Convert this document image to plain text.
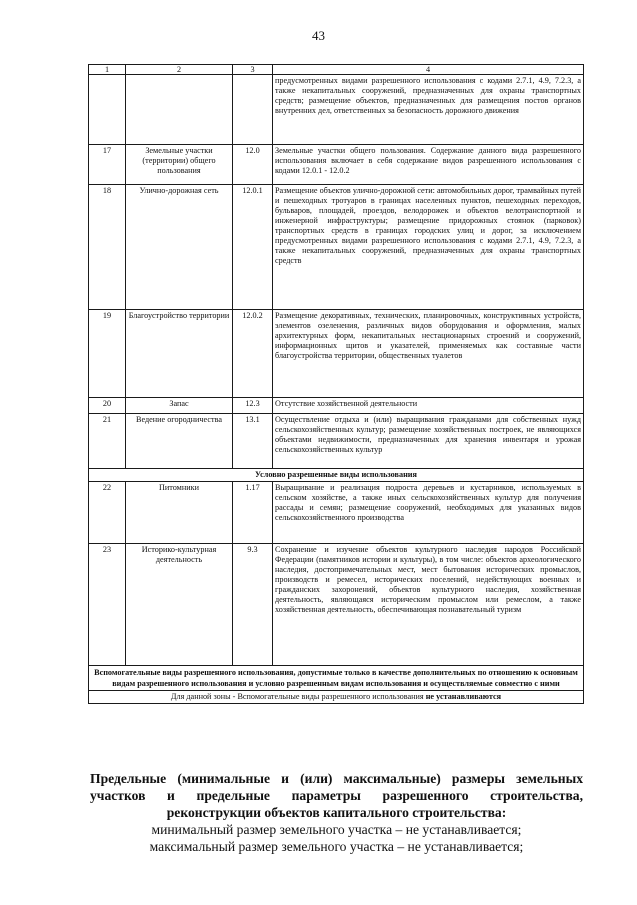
43
1	2	3	4
			предусмотренных видами разрешенного использования с кодами 2.7.1, 4.9, 7.2.3, а также некапитальных сооружений, предназначенных для охраны транспортных средств; размещение объектов, предназначенных для размещения постов органов внутренних дел, ответственных за безопасность дорожного движения
17	Земельные участки (территории) общего пользования	12.0	Земельные участки общего пользования. Содержание данного вида разрешенного использования включает в себя содержание видов разрешенного использования с кодами 12.0.1 - 12.0.2
18	Улично-дорожная сеть	12.0.1	Размещение объектов улично-дорожной сети: автомобильных дорог, трамвайных путей и пешеходных тротуаров в границах населенных пунктов, пешеходных переходов, бульваров, площадей, проездов, велодорожек и объектов велотранспортной и инженерной инфраструктуры; размещение придорожных стоянок (парковок) транспортных средств в границах городских улиц и дорог, за исключением предусмотренных видами разрешенного использования с кодами 2.7.1, 4.9, 7.2.3, а также некапитальных сооружений, предназначенных для охраны транспортных средств
19	Благоустройство территории	12.0.2	Размещение декоративных, технических, планировочных, конструктивных устройств, элементов озеленения, различных видов оборудования и оформления, малых архитектурных форм, некапитальных нестационарных строений и сооружений, информационных щитов и указателей, применяемых как составные части благоустройства территории, общественных туалетов
20	Запас	12.3	Отсутствие хозяйственной деятельности
21	Ведение огородничества	13.1	Осуществление отдыха и (или) выращивания гражданами для собственных нужд сельскохозяйственных культур; размещение хозяйственных построек, не являющихся объектами недвижимости, предназначенных для хранения инвентаря и урожая сельскохозяйственных культур
Условно разрешенные виды использования			
22	Питомники	1.17	Выращивание и реализация подроста деревьев и кустарников, используемых в сельском хозяйстве, а также иных сельскохозяйственных культур для получения рассады и семян; размещение сооружений, необходимых для указанных видов сельскохозяйственного производства
23	Историко-культурная деятельность	9.3	Сохранение и изучение объектов культурного наследия народов Российской Федерации (памятников истории и культуры), в том числе: объектов археологического наследия, достопримечательных мест, мест бытования исторических промыслов, производств и ремесел, исторических поселений, недействующих военных и гражданских захоронений, объектов культурного наследия, хозяйственная деятельность, являющаяся историческим промыслом или ремеслом, а также хозяйственная деятельность, обеспечивающая познавательный туризм
Вспомогательные виды разрешенного использования, допустимые только в качестве дополнительных по отношению к основным видам разрешенного использования и условно разрешенным видам использования и осуществляемые совместно с ними			
Для данной зоны - Вспомогательные виды разрешенного использования не устанавливаются			

Предельные (минимальные и (или) максимальные) размеры земельных участков и предельные параметры разрешенного строительства, реконструкции объектов капитального строительства:

минимальный размер земельного участка – не устанавливается;

максимальный размер земельного участка – не устанавливается;
